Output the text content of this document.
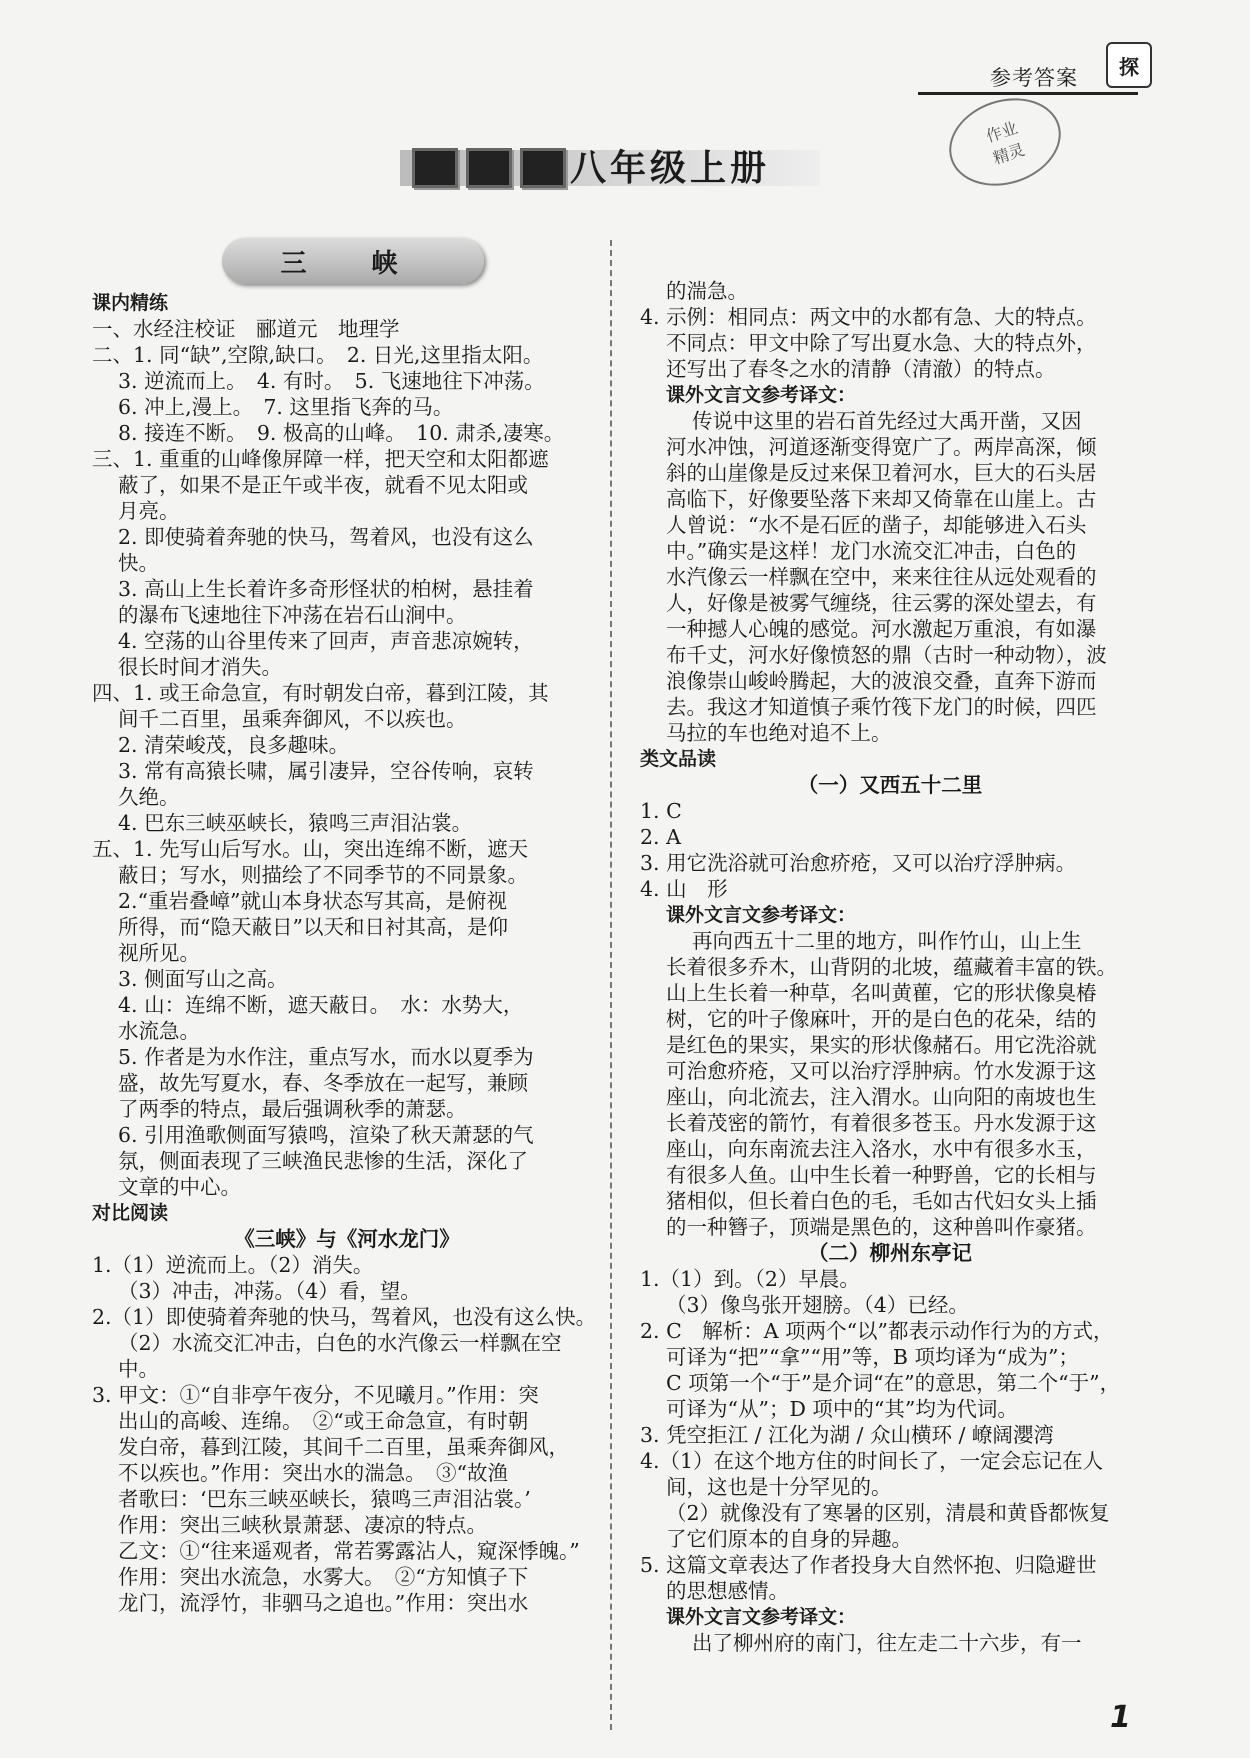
参考答案	探
作业
精灵
八年级上册
三 峡
课内精练
一、水经注校证　郦道元　地理学
二、1. 同“缺”,空隙,缺口。　2. 日光,这里指太阳。
3. 逆流而上。　4. 有时。　5. 飞速地往下冲荡。
6. 冲上,漫上。　7. 这里指飞奔的马。
8. 接连不断。　9. 极高的山峰。　10. 肃杀,凄寒。
三、1. 重重的山峰像屏障一样，把天空和太阳都遮
蔽了，如果不是正午或半夜，就看不见太阳或
月亮。
2. 即使骑着奔驰的快马，驾着风，也没有这么
快。
3. 高山上生长着许多奇形怪状的柏树，悬挂着
的瀑布飞速地往下冲荡在岩石山涧中。
4. 空荡的山谷里传来了回声，声音悲凉婉转，
很长时间才消失。
四、1. 或王命急宣，有时朝发白帝，暮到江陵，其
间千二百里，虽乘奔御风，不以疾也。
2. 清荣峻茂，良多趣味。
3. 常有高猿长啸，属引凄异，空谷传响，哀转
久绝。
4. 巴东三峡巫峡长，猿鸣三声泪沾裳。
五、1. 先写山后写水。山，突出连绵不断，遮天
蔽日；写水，则描绘了不同季节的不同景象。
2.“重岩叠嶂”就山本身状态写其高，是俯视
所得，而“隐天蔽日”以天和日衬其高，是仰
视所见。
3. 侧面写山之高。
4. 山：连绵不断，遮天蔽日。　水：水势大，
水流急。
5. 作者是为水作注，重点写水，而水以夏季为
盛，故先写夏水，春、冬季放在一起写，兼顾
了两季的特点，最后强调秋季的萧瑟。
6. 引用渔歌侧面写猿鸣，渲染了秋天萧瑟的气
氛，侧面表现了三峡渔民悲惨的生活，深化了
文章的中心。
对比阅读
《三峡》与《河水龙门》
1.（1）逆流而上。（2）消失。
（3）冲击，冲荡。（4）看，望。
2.（1）即使骑着奔驰的快马，驾着风，也没有这么快。
（2）水流交汇冲击，白色的水汽像云一样飘在空
中。
3. 甲文：①“自非亭午夜分，不见曦月。”作用：突
出山的高峻、连绵。　②“或王命急宣，有时朝
发白帝，暮到江陵，其间千二百里，虽乘奔御风，
不以疾也。”作用：突出水的湍急。　③“故渔
者歌曰：‘巴东三峡巫峡长，猿鸣三声泪沾裳。’
作用：突出三峡秋景萧瑟、凄凉的特点。
乙文：①“往来遥观者，常若雾露沾人，窥深悸魄。”
作用：突出水流急，水雾大。　②“方知慎子下
龙门，流浮竹，非驷马之追也。”作用：突出水
的湍急。
4. 示例：相同点：两文中的水都有急、大的特点。
不同点：甲文中除了写出夏水急、大的特点外，
还写出了春冬之水的清静（清澈）的特点。
课外文言文参考译文：
传说中这里的岩石首先经过大禹开凿，又因
河水冲蚀，河道逐渐变得宽广了。两岸高深，倾
斜的山崖像是反过来保卫着河水，巨大的石头居
高临下，好像要坠落下来却又倚靠在山崖上。古
人曾说：“水不是石匠的凿子，却能够进入石头
中。”确实是这样！龙门水流交汇冲击，白色的
水汽像云一样飘在空中，来来往往从远处观看的
人，好像是被雾气缠绕，往云雾的深处望去，有
一种撼人心魄的感觉。河水激起万重浪，有如瀑
布千丈，河水好像愤怒的鼎（古时一种动物），波
浪像崇山峻岭腾起，大的波浪交叠，直奔下游而
去。我这才知道慎子乘竹筏下龙门的时候，四匹
马拉的车也绝对追不上。
类文品读
（一）又西五十二里
1. C
2. A
3. 用它洗浴就可治愈疥疮，又可以治疗浮肿病。
4. 山　形
课外文言文参考译文：
再向西五十二里的地方，叫作竹山，山上生
长着很多乔木，山背阴的北坡，蕴藏着丰富的铁。
山上生长着一种草，名叫黄雚，它的形状像臭椿
树，它的叶子像麻叶，开的是白色的花朵，结的
是红色的果实，果实的形状像赭石。用它洗浴就
可治愈疥疮，又可以治疗浮肿病。竹水发源于这
座山，向北流去，注入渭水。山向阳的南坡也生
长着茂密的箭竹，有着很多苍玉。丹水发源于这
座山，向东南流去注入洛水，水中有很多水玉，
有很多人鱼。山中生长着一种野兽，它的长相与
猪相似，但长着白色的毛，毛如古代妇女头上插
的一种簪子，顶端是黑色的，这种兽叫作豪猪。
（二）柳州东亭记
1.（1）到。（2）早晨。
（3）像鸟张开翅膀。（4）已经。
2. C　解析：A 项两个“以”都表示动作行为的方式，
可译为“把”“拿”“用”等，B 项均译为“成为”；
C 项第一个“于”是介词“在”的意思，第二个“于”，
可译为“从”；D 项中的“其”均为代词。
3. 凭空拒江 / 江化为湖 / 众山横环 / 嶛阔瀴湾
4.（1）在这个地方住的时间长了，一定会忘记在人
间，这也是十分罕见的。
（2）就像没有了寒暑的区别，清晨和黄昏都恢复
了它们原本的自身的异趣。
5. 这篇文章表达了作者投身大自然怀抱、归隐避世
的思想感情。
课外文言文参考译文：
出了柳州府的南门，往左走二十六步，有一
1
